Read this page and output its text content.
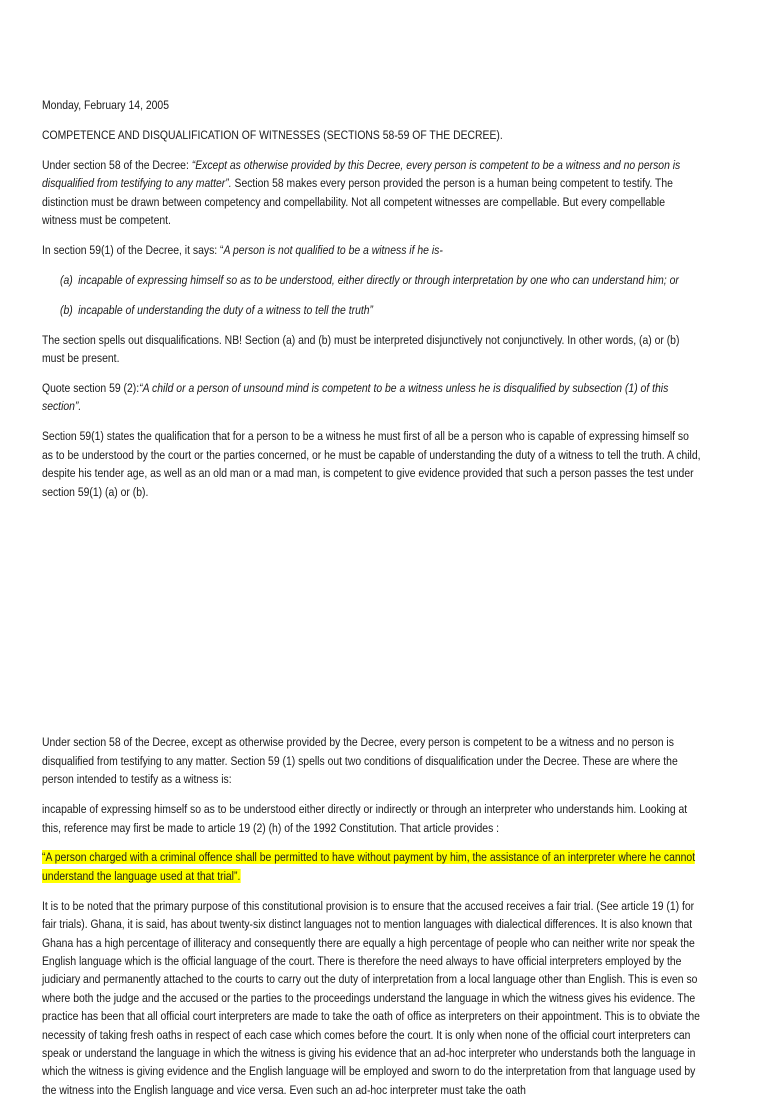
Monday, February 14, 2005

COMPETENCE AND DISQUALIFICATION OF WITNESSES (SECTIONS 58-59 OF THE DECREE).

Under section 58 of the Decree: “Except as otherwise provided by this Decree, every person is competent to be a witness and no person is disqualified from testifying to any matter”. Section 58 makes every person provided the person is a human being competent to testify. The distinction must be drawn between competency and compellability. Not all competent witnesses are compellable. But every compellable witness must be competent.

In section 59(1) of the Decree, it says: “A person is not qualified to be a witness if he is-

(a) incapable of expressing himself so as to be understood, either directly or through interpretation by one who can understand him; or

(b) incapable of understanding the duty of a witness to tell the truth”

The section spells out disqualifications. NB! Section (a) and (b) must be interpreted disjunctively not conjunctively. In other words, (a) or (b) must be present.

Quote section 59 (2):“A child or a person of unsound mind is competent to be a witness unless he is disqualified by subsection (1) of this section”.

Section 59(1) states the qualification that for a person to be a witness he must first of all be a person who is capable of expressing himself so as to be understood by the court or the parties concerned, or he must be capable of understanding the duty of a witness to tell the truth. A child, despite his tender age, as well as an old man or a mad man, is competent to give evidence provided that such a person passes the test under section 59(1) (a) or (b).

Under section 58 of the Decree, except as otherwise provided by the Decree, every person is competent to be a witness and no person is disqualified from testifying to any matter. Section 59 (1) spells out two conditions of disqualification under the Decree. These are where the person intended to testify as a witness is:

incapable of expressing himself so as to be understood either directly or indirectly or through an interpreter who understands him. Looking at this, reference may first be made to article 19 (2) (h) of the 1992 Constitution. That article provides :

“A person charged with a criminal offence shall be permitted to have without payment by him, the assistance of an interpreter where he cannot understand the language used at that trial”.

It is to be noted that the primary purpose of this constitutional provision is to ensure that the accused receives a fair trial. (See article 19 (1) for fair trials). Ghana, it is said, has about twenty-six distinct languages not to mention languages with dialectical differences. It is also known that Ghana has a high percentage of illiteracy and consequently there are equally a high percentage of people who can neither write nor speak the English language which is the official language of the court. There is therefore the need always to have official interpreters employed by the judiciary and permanently attached to the courts to carry out the duty of interpretation from a local language other than English. This is even so where both the judge and the accused or the parties to the proceedings understand the language in which the witness gives his evidence. The practice has been that all official court interpreters are made to take the oath of office as interpreters on their appointment. This is to obviate the necessity of taking fresh oaths in respect of each case which comes before the court. It is only when none of the official court interpreters can speak or understand the language in which the witness is giving his evidence that an ad-hoc interpreter who understands both the language in which the witness is giving evidence and the English language will be employed and sworn to do the interpretation from that language used by the witness into the English language and vice versa. Even such an ad-hoc interpreter must take the oath
